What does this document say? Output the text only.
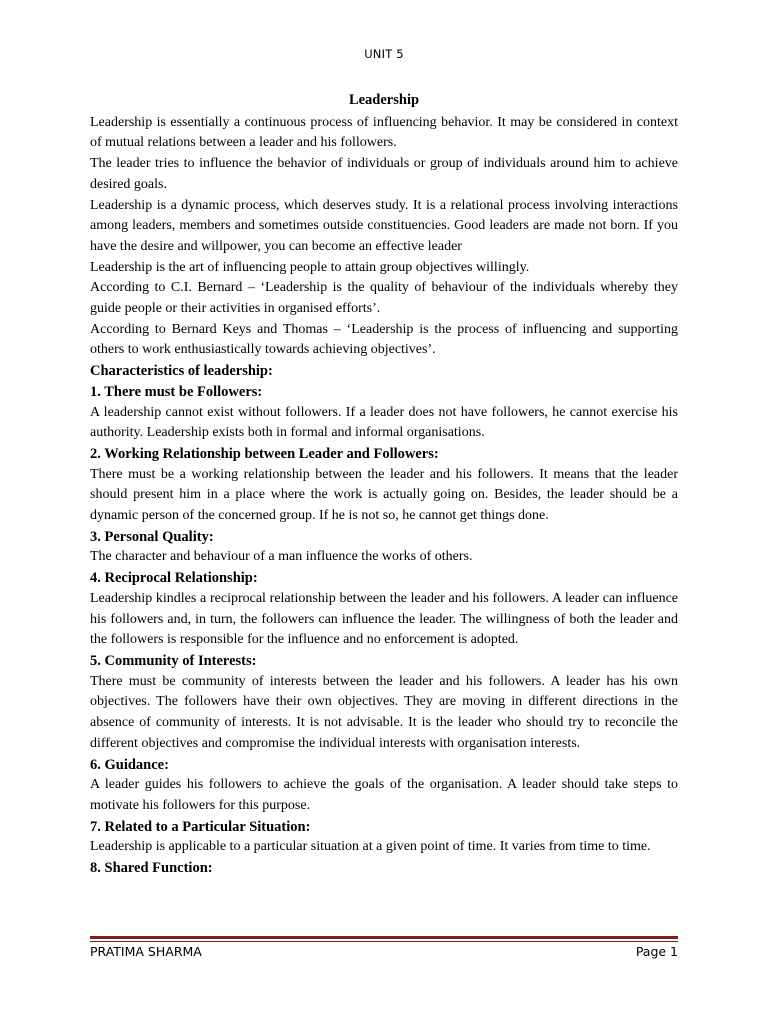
UNIT 5

Leadership

Leadership is essentially a continuous process of influencing behavior. It may be considered in context of mutual relations between a leader and his followers.

The leader tries to influence the behavior of individuals or group of individuals around him to achieve desired goals.

Leadership is a dynamic process, which deserves study. It is a relational process involving interactions among leaders, members and sometimes outside constituencies. Good leaders are made not born. If you have the desire and willpower, you can become an effective leader

Leadership is the art of influencing people to attain group objectives willingly.

According to C.I. Bernard – ‘Leadership is the quality of behaviour of the individuals whereby they guide people or their activities in organised efforts’.

According to Bernard Keys and Thomas – ‘Leadership is the process of influencing and supporting others to work enthusiastically towards achieving objectives’.

Characteristics of leadership:

1. There must be Followers:

A leadership cannot exist without followers. If a leader does not have followers, he cannot exercise his authority. Leadership exists both in formal and informal organisations.

2. Working Relationship between Leader and Followers:

There must be a working relationship between the leader and his followers. It means that the leader should present him in a place where the work is actually going on. Besides, the leader should be a dynamic person of the concerned group. If he is not so, he cannot get things done.

3. Personal Quality:

The character and behaviour of a man influence the works of others.

4. Reciprocal Relationship:

Leadership kindles a reciprocal relationship between the leader and his followers. A leader can influence his followers and, in turn, the followers can influence the leader. The willingness of both the leader and the followers is responsible for the influence and no enforcement is adopted.

5. Community of Interests:

There must be community of interests between the leader and his followers. A leader has his own objectives. The followers have their own objectives. They are moving in different directions in the absence of community of interests. It is not advisable. It is the leader who should try to reconcile the different objectives and compromise the individual interests with organisation interests.

6. Guidance:

A leader guides his followers to achieve the goals of the organisation. A leader should take steps to motivate his followers for this purpose.

7. Related to a Particular Situation:

Leadership is applicable to a particular situation at a given point of time. It varies from time to time.

8. Shared Function:

PRATIMA SHARMA	Page 1
